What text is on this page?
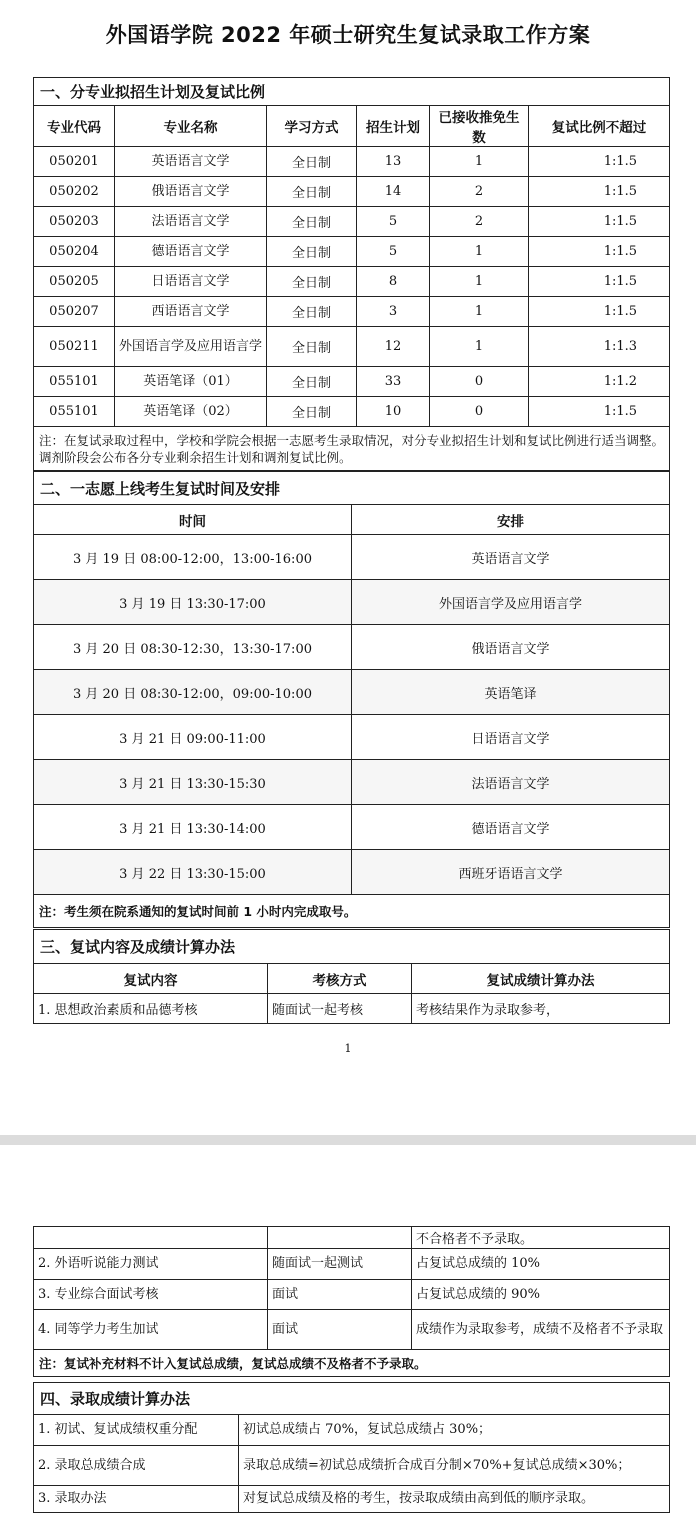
外国语学院 2022 年硕士研究生复试录取工作方案
一、分专业拟招生计划及复试比例					
专业代码	专业名称	学习方式	招生计划	已接收推免生数	复试比例不超过
050201	英语语言文学	全日制	13	1	1:1.5
050202	俄语语言文学	全日制	14	2	1:1.5
050203	法语语言文学	全日制	5	2	1:1.5
050204	德语语言文学	全日制	5	1	1:1.5
050205	日语语言文学	全日制	8	1	1:1.5
050207	西语语言文学	全日制	3	1	1:1.5
050211	外国语言学及应用语言学	全日制	12	1	1:1.3
055101	英语笔译（01）	全日制	33	0	1:1.2
055101	英语笔译（02）	全日制	10	0	1:1.5
注：在复试录取过程中，学校和学院会根据一志愿考生录取情况，对分专业拟招生计划和复试比例进行适当调整。调剂阶段会公布各分专业剩余招生计划和调剂复试比例。					
二、一志愿上线考生复试时间及安排	
时间	安排
3 月 19 日 08:00-12:00，13:00-16:00	英语语言文学
3 月 19 日 13:30-17:00	外国语言学及应用语言学
3 月 20 日 08:30-12:30，13:30-17:00	俄语语言文学
3 月 20 日 08:30-12:00，09:00-10:00	英语笔译
3 月 21 日 09:00-11:00	日语语言文学
3 月 21 日 13:30-15:30	法语语言文学
3 月 21 日 13:30-14:00	德语语言文学
3 月 22 日 13:30-15:00	西班牙语语言文学
注：考生须在院系通知的复试时间前 1 小时内完成取号。	
三、复试内容及成绩计算办法		
复试内容	考核方式	复试成绩计算办法
1. 思想政治素质和品德考核	随面试一起考核	考核结果作为录取参考，
1
		不合格者不予录取。
2. 外语听说能力测试	随面试一起测试	占复试总成绩的 10%
3. 专业综合面试考核	面试	占复试总成绩的 90%
4. 同等学力考生加试	面试	成绩作为录取参考，成绩不及格者不予录取
注：复试补充材料不计入复试总成绩，复试总成绩不及格者不予录取。		
四、录取成绩计算办法	
1. 初试、复试成绩权重分配	初试总成绩占 70%，复试总成绩占 30%；
2. 录取总成绩合成	录取总成绩=初试总成绩折合成百分制×70%+复试总成绩×30%；
3. 录取办法	对复试总成绩及格的考生，按录取成绩由高到低的顺序录取。
